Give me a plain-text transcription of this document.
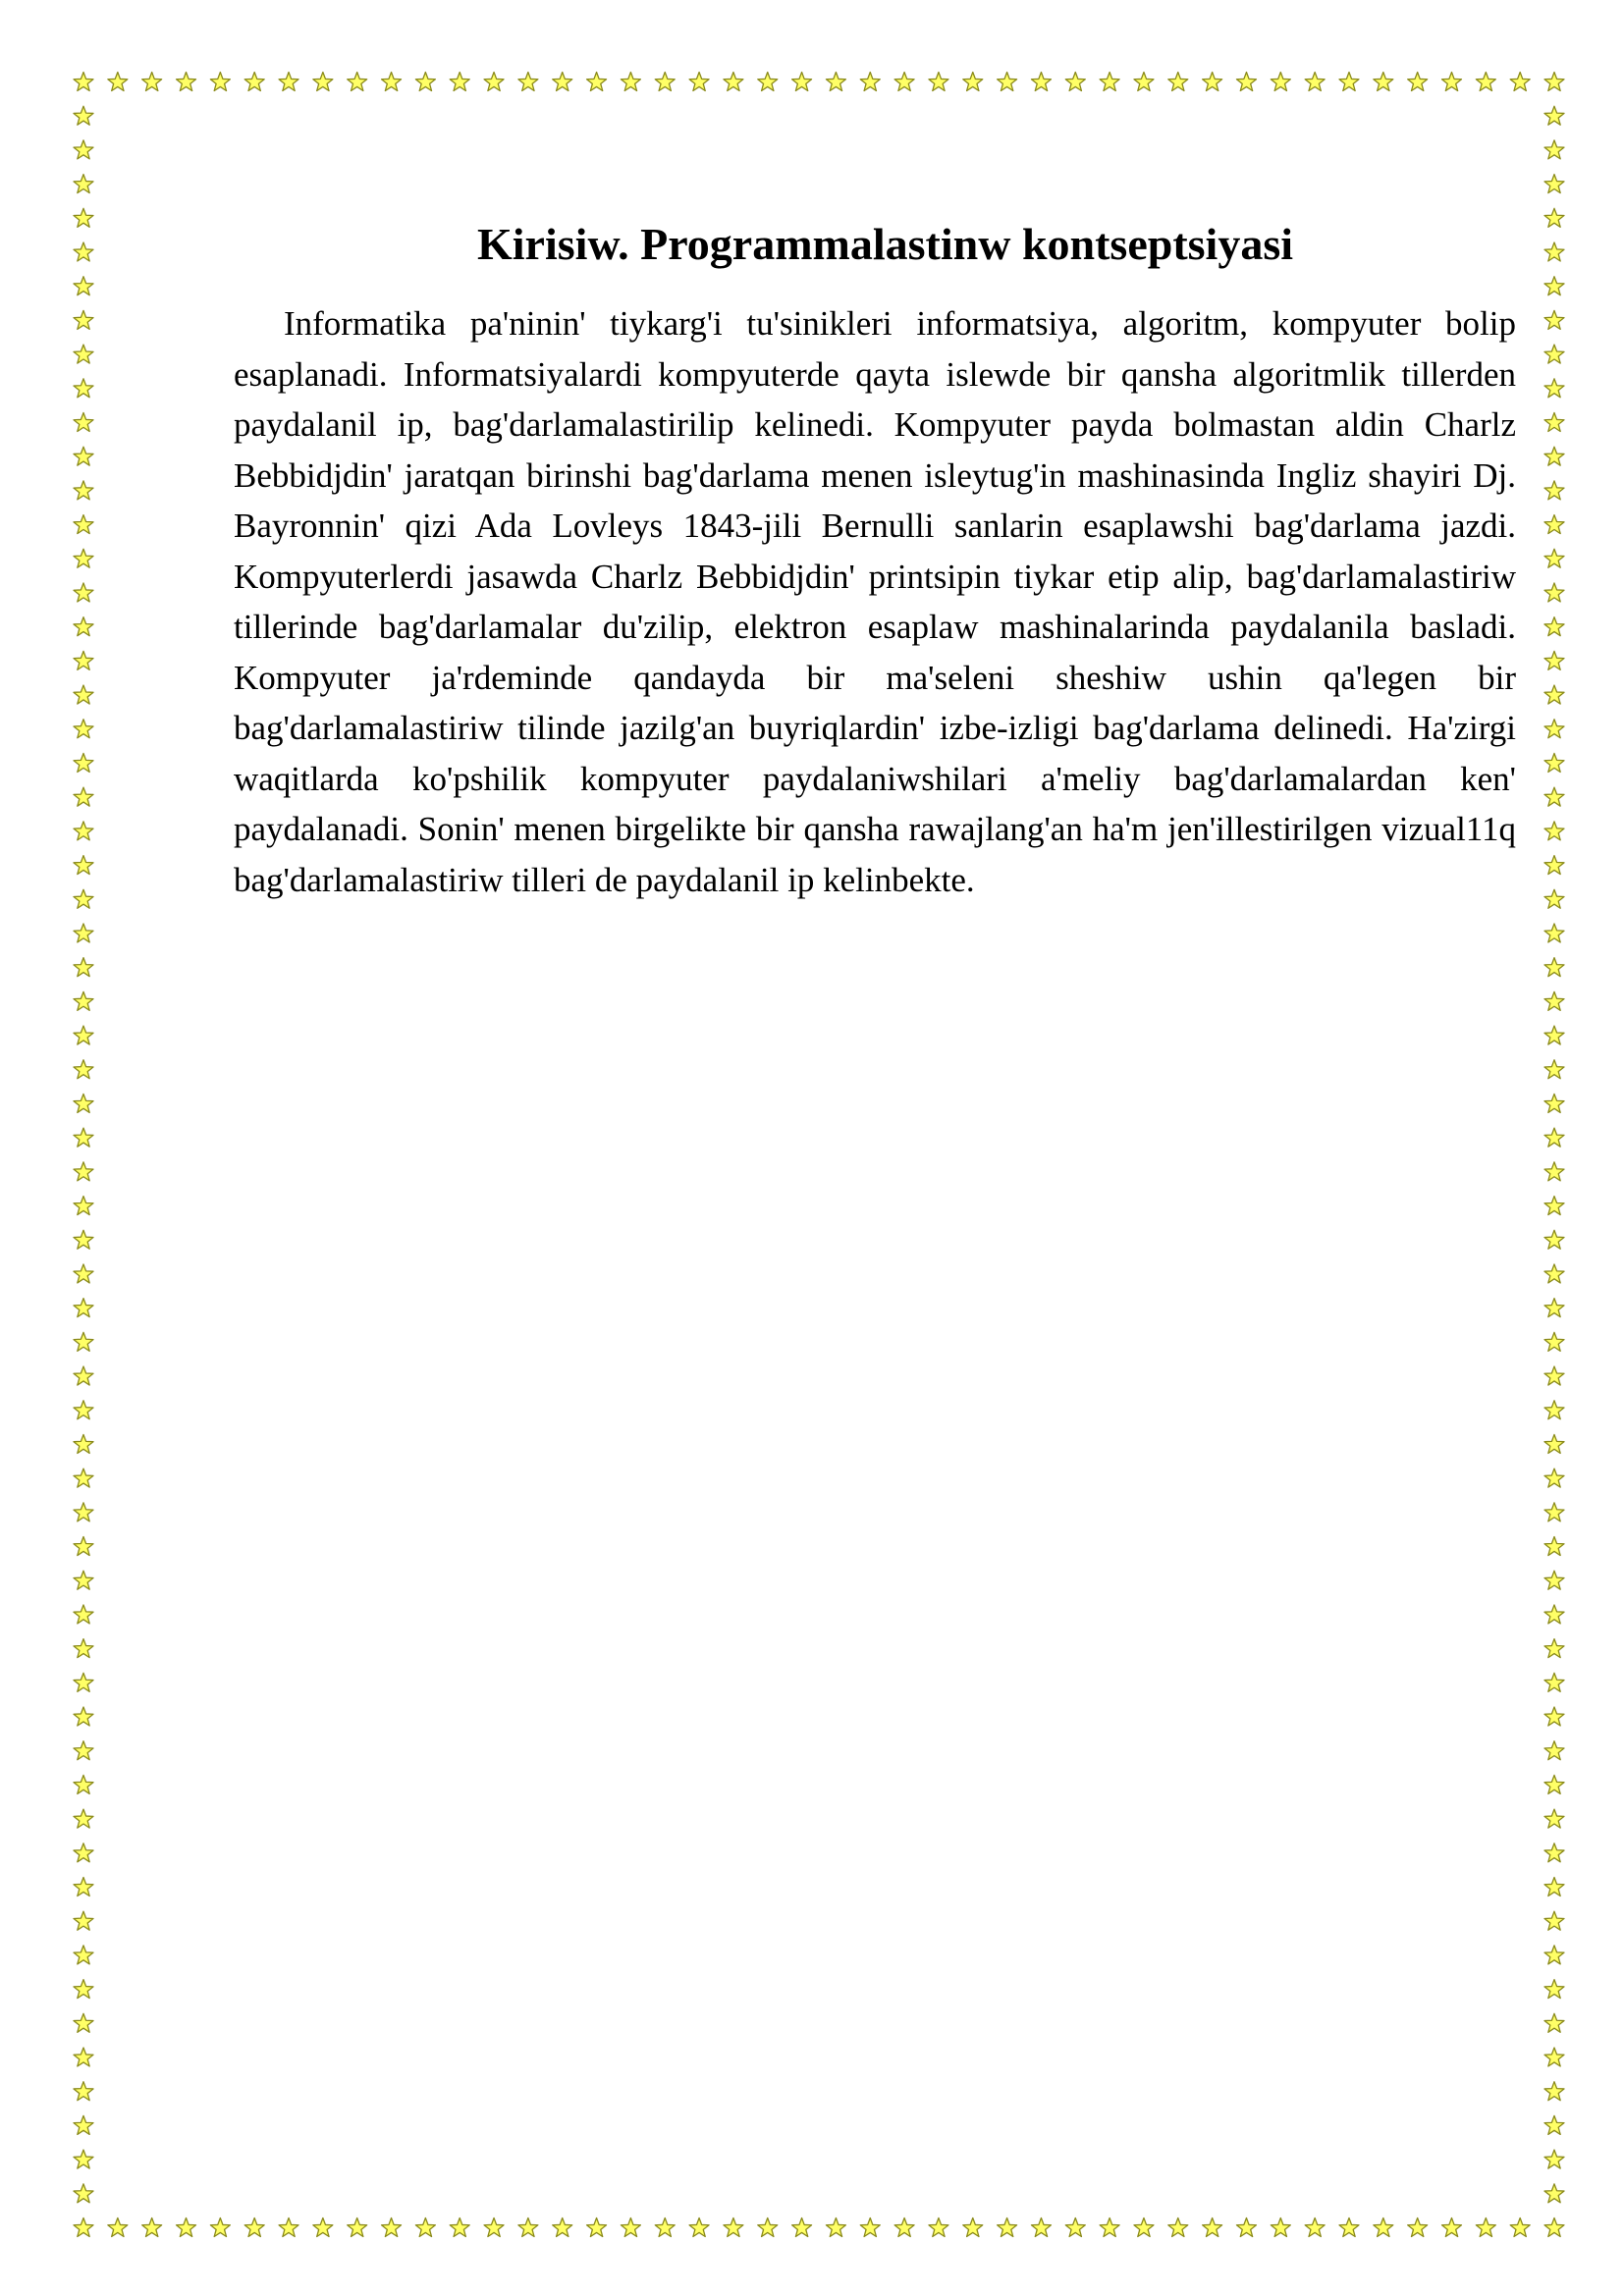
Kirisiw. Programmalastinw kontseptsiyasi

Informatika pa'ninin' tiykarg'i tu'sinikleri informatsiya, algoritm, kompyuter bolip esaplanadi. Informatsiyalardi kompyuterde qayta islewde bir qansha algoritmlik tillerden paydalanil ip, bag'darlamalastirilip kelinedi. Kompyuter payda bolmastan aldin Charlz Bebbidjdin' jaratqan birinshi bag'darlama menen isleytug'in mashinasinda Ingliz shayiri Dj. Bayronnin' qizi Ada Lovleys 1843-jili Bernulli sanlarin esaplawshi bag'darlama jazdi. Kompyuterlerdi jasawda Charlz Bebbidjdin' printsipin tiykar etip alip, bag'darlamalastiriw tillerinde bag'darlamalar du'zilip, elektron esaplaw mashinalarinda paydalanila basladi. Kompyuter ja'rdeminde qandayda bir ma'seleni sheshiw ushin qa'legen bir bag'darlamalastiriw tilinde jazilg'an buyriqlardin' izbe-izligi bag'darlama delinedi. Ha'zirgi waqitlarda ko'pshilik kompyuter paydalaniwshilari a'meliy bag'darlamalardan ken' paydalanadi. Sonin' menen birgelikte bir qansha rawajlang'an ha'm jen'illestirilgen vizual11q bag'darlamalastiriw tilleri de paydalanil ip kelinbekte.
